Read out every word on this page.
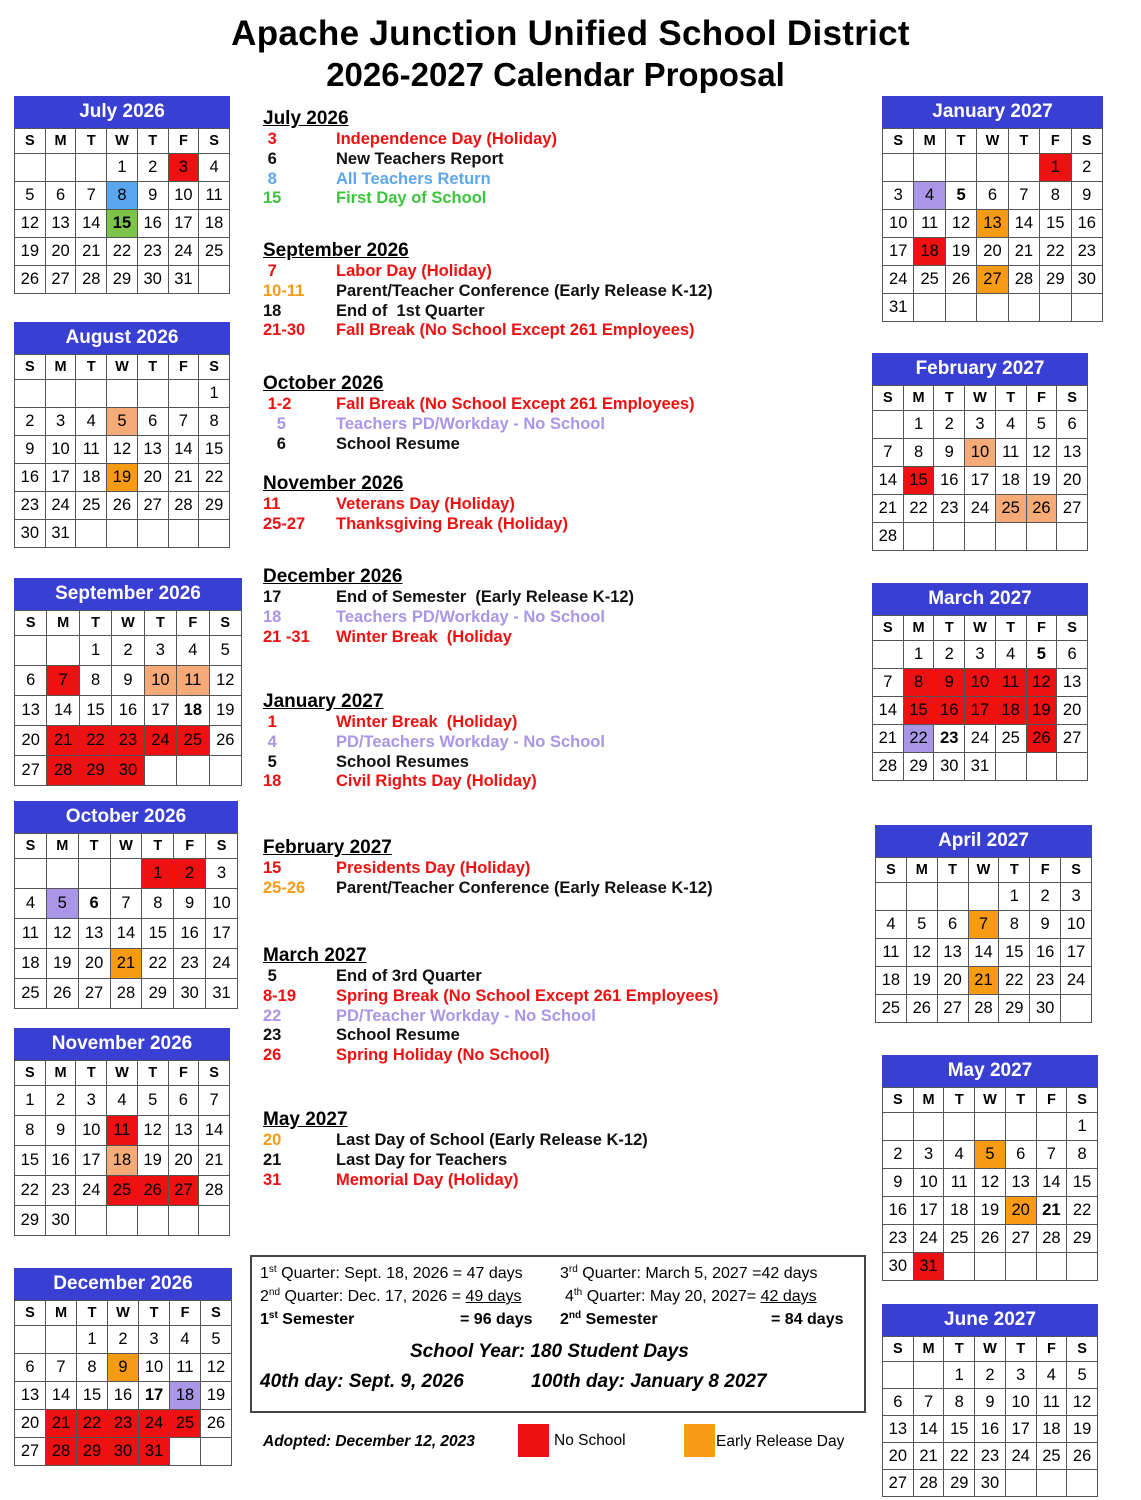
Apache Junction Unified School District
2026-2027 Calendar Proposal
July 2026
S	M	T	W	T	F	S
			1	2	3	4
5	6	7	8	9	10	11
12	13	14	15	16	17	18
19	20	21	22	23	24	25
26	27	28	29	30	31	
August 2026
S	M	T	W	T	F	S
						1
2	3	4	5	6	7	8
9	10	11	12	13	14	15
16	17	18	19	20	21	22
23	24	25	26	27	28	29
30	31					
September 2026
S	M	T	W	T	F	S
		1	2	3	4	5
6	7	8	9	10	11	12
13	14	15	16	17	18	19
20	21	22	23	24	25	26
27	28	29	30			
October 2026
S	M	T	W	T	F	S
				1	2	3
4	5	6	7	8	9	10
11	12	13	14	15	16	17
18	19	20	21	22	23	24
25	26	27	28	29	30	31
November 2026
S	M	T	W	T	F	S
1	2	3	4	5	6	7
8	9	10	11	12	13	14
15	16	17	18	19	20	21
22	23	24	25	26	27	28
29	30					
December 2026
S	M	T	W	T	F	S
		1	2	3	4	5
6	7	8	9	10	11	12
13	14	15	16	17	18	19
20	21	22	23	24	25	26
27	28	29	30	31		
January 2027
S	M	T	W	T	F	S
					1	2
3	4	5	6	7	8	9
10	11	12	13	14	15	16
17	18	19	20	21	22	23
24	25	26	27	28	29	30
31						
February 2027
S	M	T	W	T	F	S
	1	2	3	4	5	6
7	8	9	10	11	12	13
14	15	16	17	18	19	20
21	22	23	24	25	26	27
28						
March 2027
S	M	T	W	T	F	S
	1	2	3	4	5	6
7	8	9	10	11	12	13
14	15	16	17	18	19	20
21	22	23	24	25	26	27
28	29	30	31			
April 2027
S	M	T	W	T	F	S
				1	2	3
4	5	6	7	8	9	10
11	12	13	14	15	16	17
18	19	20	21	22	23	24
25	26	27	28	29	30	
May 2027
S	M	T	W	T	F	S
						1
2	3	4	5	6	7	8
9	10	11	12	13	14	15
16	17	18	19	20	21	22
23	24	25	26	27	28	29
30	31					
June 2027
S	M	T	W	T	F	S
		1	2	3	4	5
6	7	8	9	10	11	12
13	14	15	16	17	18	19
20	21	22	23	24	25	26
27	28	29	30			
July 2026
3	Independence Day (Holiday)
6	New Teachers Report
8	All Teachers Return
15	First Day of School
September 2026
7	Labor Day (Holiday)
10-11	Parent/Teacher Conference (Early Release K-12)
18	End of  1st Quarter
21-30	Fall Break (No School Except 261 Employees)
October 2026
1-2	Fall Break (No School Except 261 Employees)
5	Teachers PD/Workday - No School
6	School Resume
November 2026
11	Veterans Day (Holiday)
25-27	Thanksgiving Break (Holiday)
December 2026
17	End of Semester  (Early Release K-12)
18	Teachers PD/Workday - No School
21 -31	Winter Break  (Holiday
January 2027
1	Winter Break  (Holiday)
4	PD/Teachers Workday - No School
5	School Resumes
18	Civil Rights Day (Holiday)
February 2027
15	Presidents Day (Holiday)
25-26	Parent/Teacher Conference (Early Release K-12)
March 2027
5	End of 3rd Quarter
8-19	Spring Break (No School Except 261 Employees)
22	PD/Teacher Workday - No School
23	School Resume
26	Spring Holiday (No School)
May 2027
20	Last Day of School (Early Release K-12)
21	Last Day for Teachers
31	Memorial Day (Holiday)
1st Quarter: Sept. 18, 2026 = 47 days 3rd Quarter: March 5, 2027 =42 days
2nd Quarter: Dec. 17, 2026 = 49 days	4th Quarter: May 20, 2027= 42 days
1st Semester	= 96 days 2nd Semester	= 84 days
School Year: 180 Student Days
40th day: Sept. 9, 2026	100th day: January 8 2027
Adopted: December 12, 2023	No School	Early Release Day
